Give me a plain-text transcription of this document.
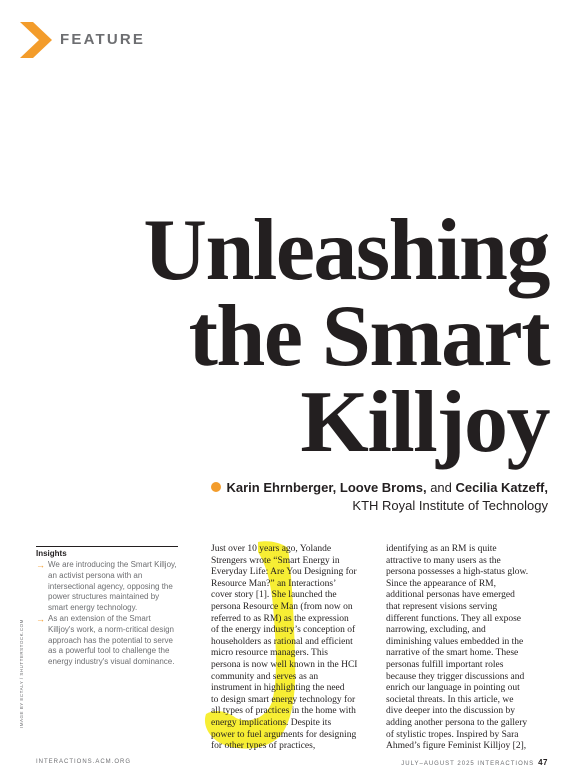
FEATURE
Unleashing
the Smart
Killjoy
Karin Ehrnberger, Loove Broms, and Cecilia Katzeff,
KTH Royal Institute of Technology
Insights
→ We are introducing the Smart Killjoy, an activist persona with an intersectional agency, opposing the power structures maintained by smart energy technology.
→ As an extension of the Smart Killjoy's work, a norm-critical design approach has the potential to serve as a powerful tool to challenge the energy industry's visual dominance.
IMAGE BY ECTALY / SHUTTERSTOCK.COM

Just over 10 years ago, Yolande
Strengers wrote “Smart Energy in
Everyday Life: Are You Designing for
Resource Man?” an Interactions’
cover story [1]. She launched the
persona Resource Man (from now on
referred to as RM) as the expression
of the energy industry’s conception of
householders as rational and efficient
micro resource managers. This
persona is now well known in the HCI
community and serves as an
instrument in highlighting the need
to design smart energy technology for
all types of practices in the home with
energy implications. Despite its
power to fuel arguments for designing
for other types of practices,

identifying as an RM is quite
attractive to many users as the
persona possesses a high-status glow.
Since the appearance of RM,
additional personas have emerged
that represent visions serving
different functions. They all expose
narrowing, excluding, and
diminishing values embedded in the
narrative of the smart home. These
personas fulfill important roles
because they trigger discussions and
enrich our language in pointing out
societal threats. In this article, we
dive deeper into the discussion by
adding another persona to the gallery
of stylistic tropes. Inspired by Sara
Ahmed’s figure Feminist Killjoy [2],

INTERACTIONS.ACM.ORG	JULY–AUGUST 2025 INTERACTIONS 47
